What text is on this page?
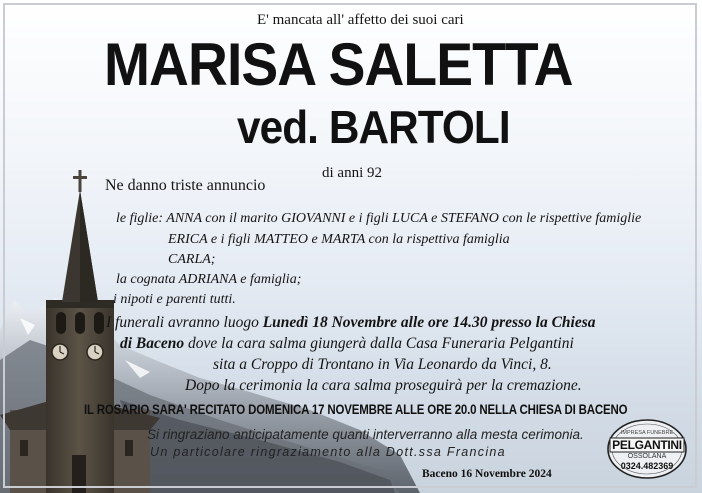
E' mancata all' affetto dei suoi cari
MARISA SALETTA
ved. BARTOLI
di anni 92
Ne danno triste annuncio
le figlie: ANNA con il marito GIOVANNI e i figli LUCA e STEFANO con le rispettive famiglie
ERICA e i figli MATTEO e MARTA con la rispettiva famiglia
CARLA;
la cognata ADRIANA e famiglia;
i nipoti e parenti tutti.
I funerali avranno luogo Lunedì 18 Novembre alle ore 14.30 presso la Chiesa
di Baceno dove la cara salma giungerà dalla Casa Funeraria Pelgantini
sita a Croppo di Trontano in Via Leonardo da Vinci, 8.
Dopo la cerimonia la cara salma proseguirà per la cremazione.
IL ROSARIO SARA' RECITATO DOMENICA 17 NOVEMBRE ALLE ORE 20.0 NELLA CHIESA DI BACENO
Si ringraziano anticipatamente quanti interverranno alla mesta cerimonia.
Un particolare ringraziamento alla Dott.ssa Francina
Baceno 16 Novembre 2024
IMPRESA FUNEBRE
PELGANTINI
OSSOLANA
0324.482369
